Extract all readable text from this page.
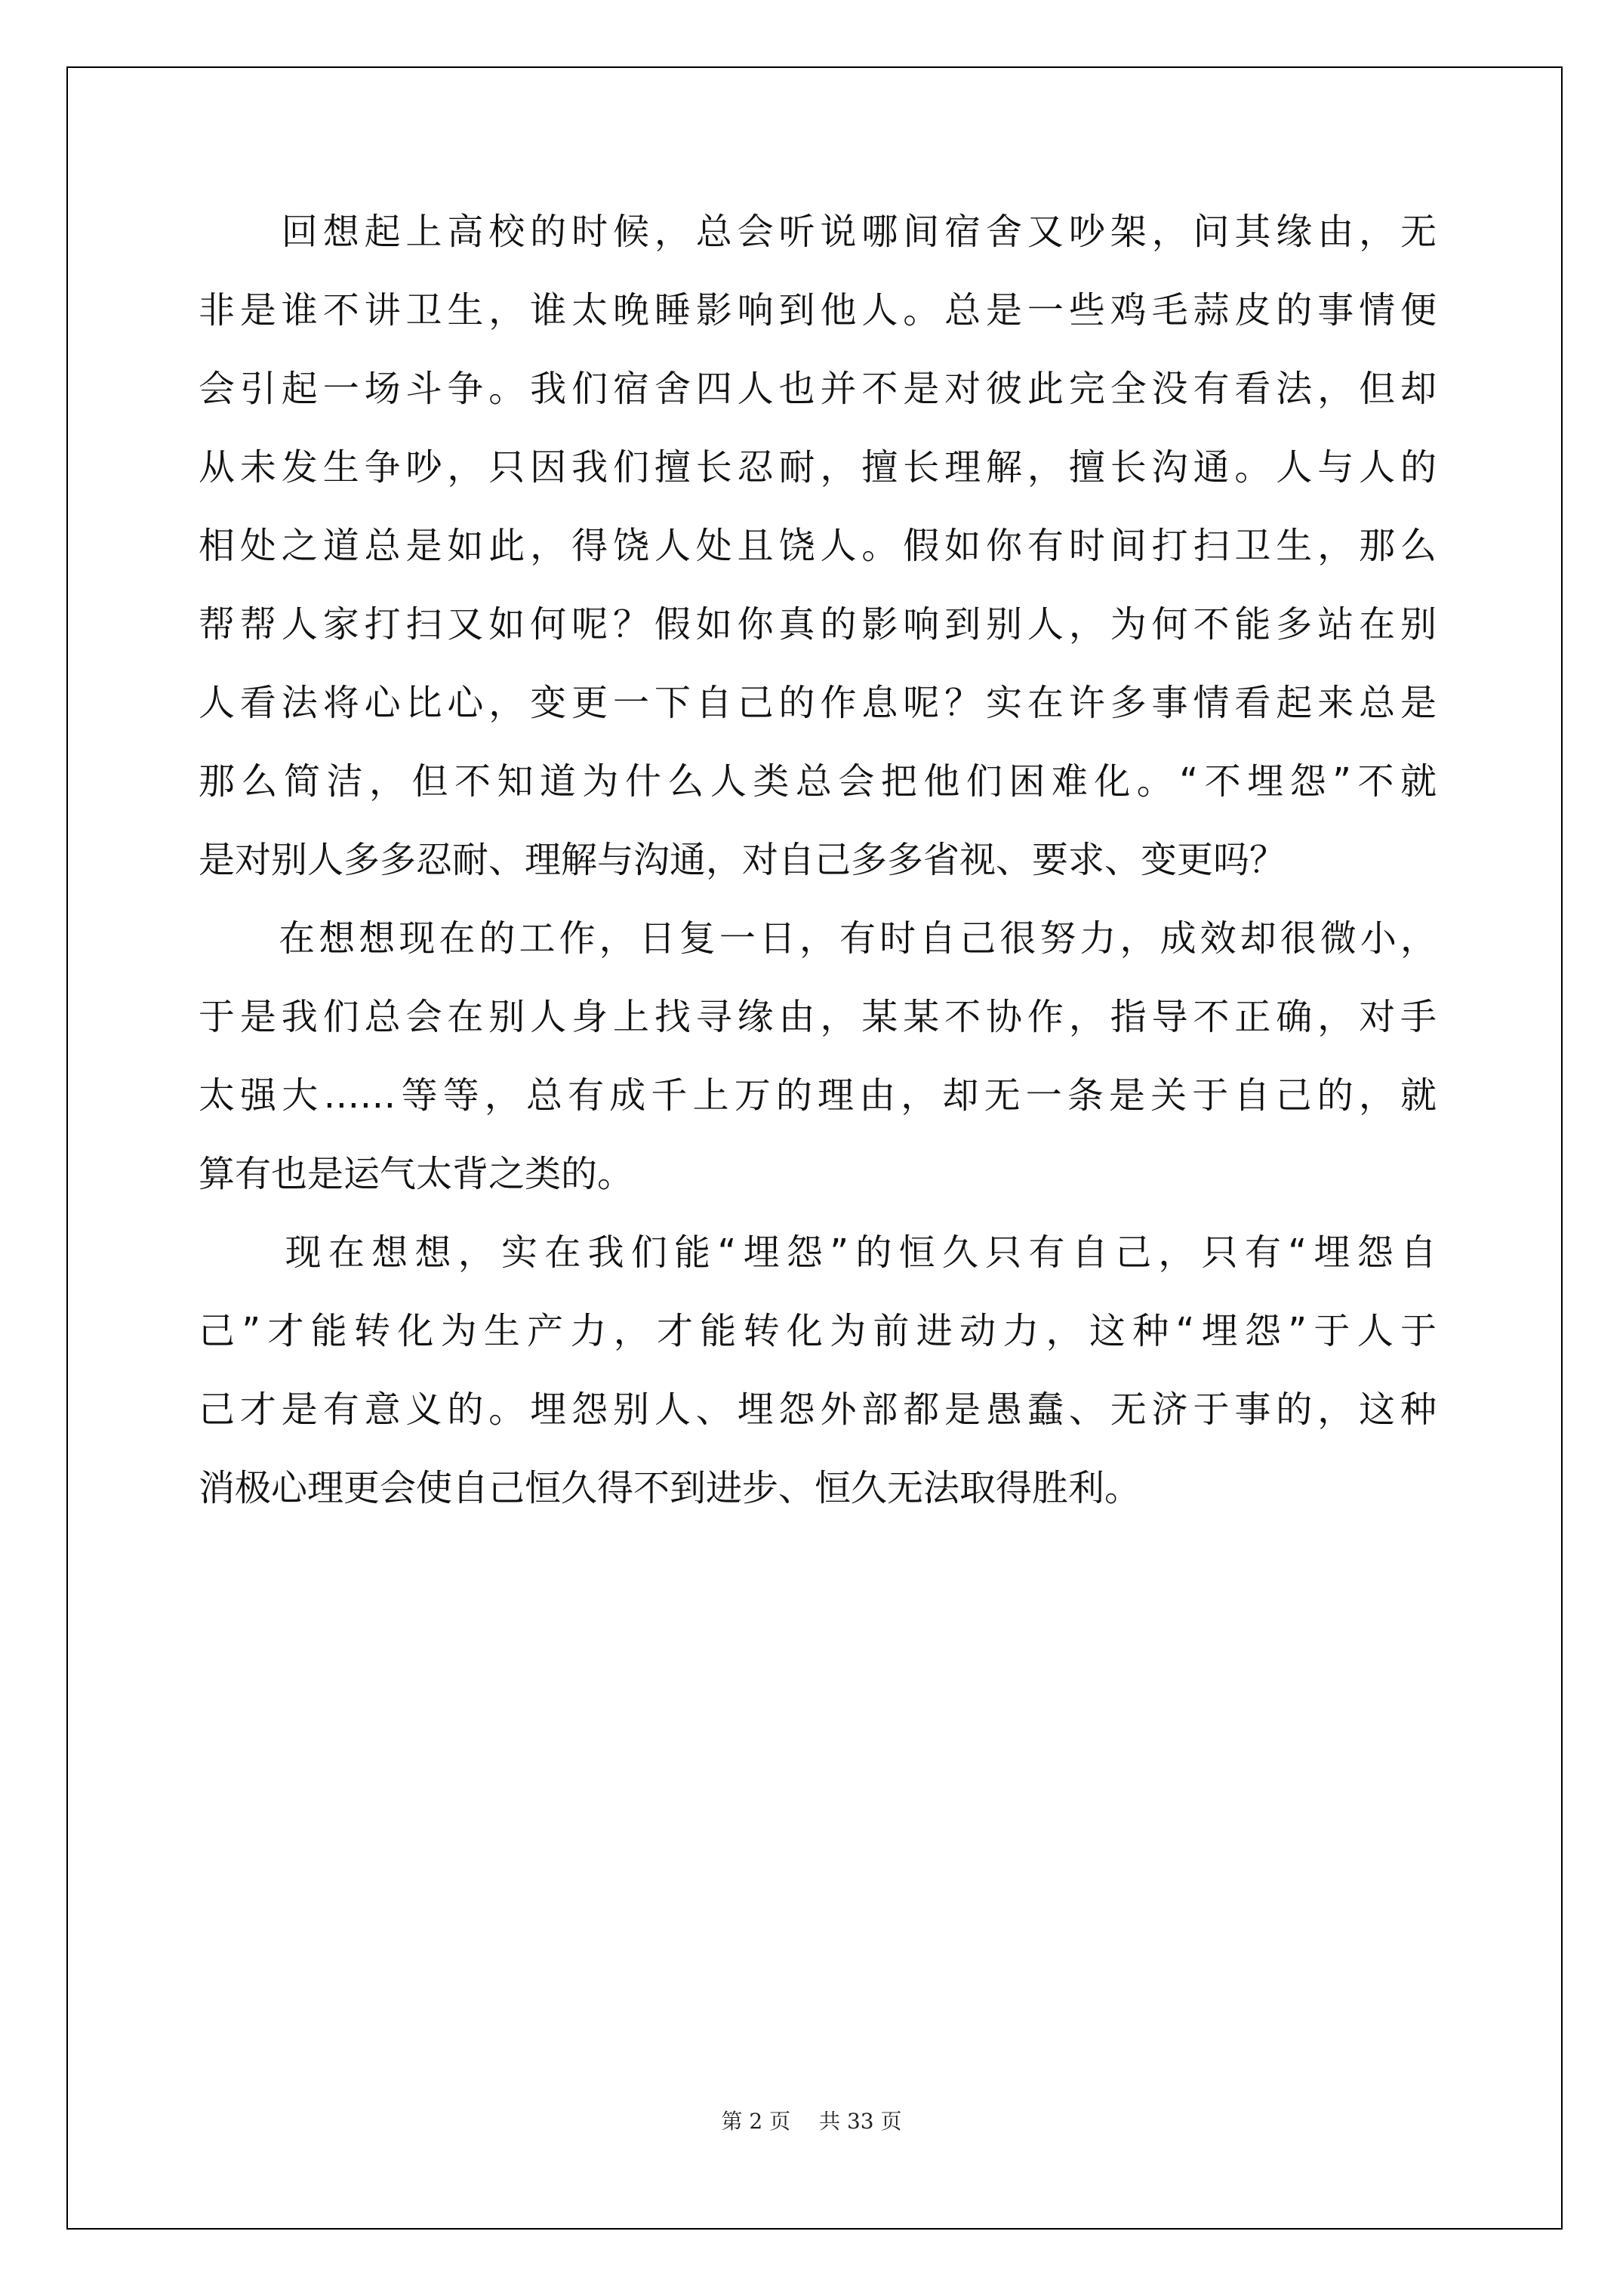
　　回想起上高校的时候，总会听说哪间宿舍又吵架，问其缘由，无
非是谁不讲卫生，谁太晚睡影响到他人。总是一些鸡毛蒜皮的事情便
会引起一场斗争。我们宿舍四人也并不是对彼此完全没有看法，但却
从未发生争吵，只因我们擅长忍耐，擅长理解，擅长沟通。人与人的
相处之道总是如此，得饶人处且饶人。假如你有时间打扫卫生，那么
帮帮人家打扫又如何呢？假如你真的影响到别人，为何不能多站在别
人看法将心比心，变更一下自己的作息呢？实在许多事情看起来总是
那么简洁，但不知道为什么人类总会把他们困难化。“不埋怨”不就
是对别人多多忍耐、理解与沟通，对自己多多省视、要求、变更吗？
　　在想想现在的工作，日复一日，有时自己很努力，成效却很微小，
于是我们总会在别人身上找寻缘由，某某不协作，指导不正确，对手
太强大……等等，总有成千上万的理由，却无一条是关于自己的，就
算有也是运气太背之类的。
　　现在想想，实在我们能“埋怨”的恒久只有自己，只有“埋怨自
己”才能转化为生产力，才能转化为前进动力，这种“埋怨”于人于
己才是有意义的。埋怨别人、埋怨外部都是愚蠢、无济于事的，这种
消极心理更会使自己恒久得不到进步、恒久无法取得胜利。
第 2 页 共 33 页
